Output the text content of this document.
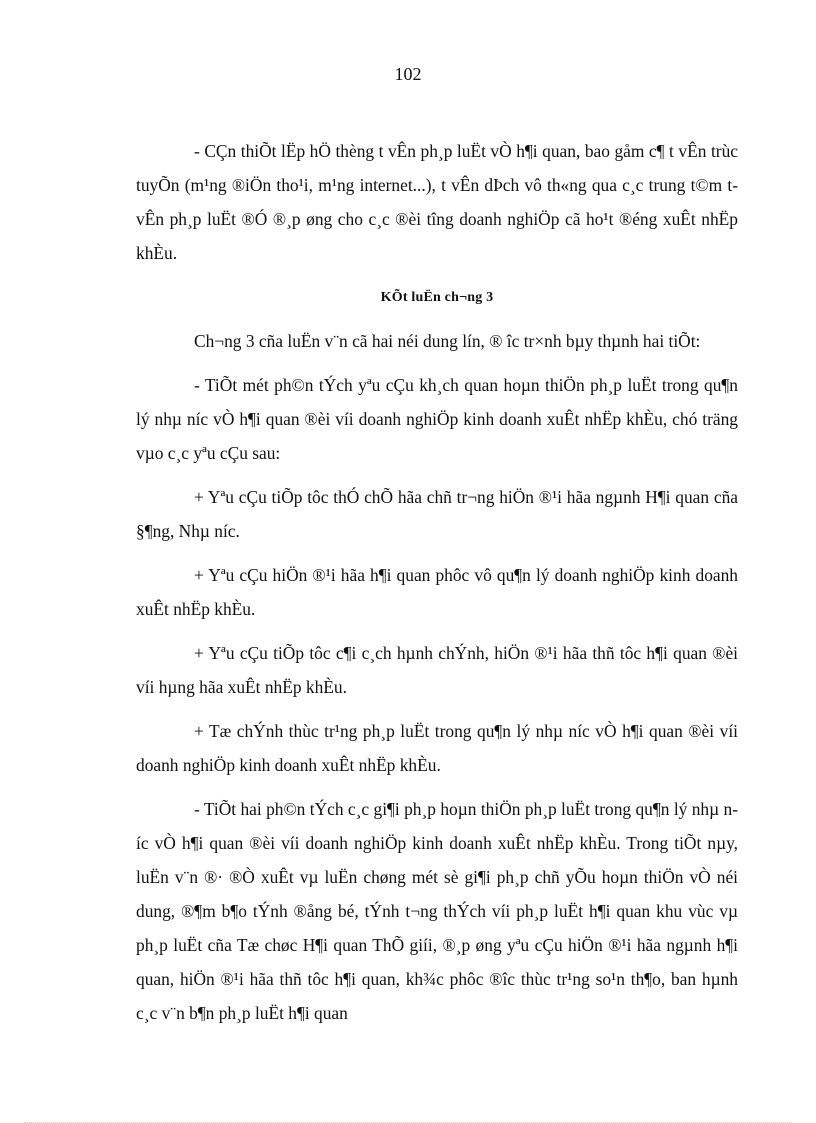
102

- CÇn thiÕt lËp hÖ thèng t vÊn ph¸p luËt vÒ h¶i quan, bao gåm c¶ t vÊn trùc tuyÕn (m¹ng ®iÖn tho¹i, m¹ng internet...), t vÊn dÞch vô th«ng qua c¸c trung t©m t vÊn ph¸p luËt ®Ó ®¸p øng cho c¸c ®èi tîng doanh nghiÖp cã ho¹t ®éng xuÊt nhËp khÈu.

KÕt luËn ch¬ng 3

Ch¬ng 3 cña luËn v¨n cã hai néi dung lín, ® îc tr×nh bµy thµnh hai tiÕt:

- TiÕt mét ph©n tÝch yªu cÇu kh¸ch quan hoµn thiÖn ph¸p luËt trong qu¶n lý nhµ níc vÒ h¶i quan ®èi víi doanh nghiÖp kinh doanh xuÊt nhËp khÈu, chó träng vµo c¸c yªu cÇu sau:

+ Yªu cÇu tiÕp tôc thÓ chÕ hãa chñ tr¬ng hiÖn ®¹i hãa ngµnh H¶i quan cña §¶ng, Nhµ níc.

+ Yªu cÇu hiÖn ®¹i hãa h¶i quan phôc vô qu¶n lý doanh nghiÖp kinh doanh xuÊt nhËp khÈu.

+ Yªu cÇu tiÕp tôc c¶i c¸ch hµnh chÝnh, hiÖn ®¹i hãa thñ tôc h¶i quan ®èi víi hµng hãa xuÊt nhËp khÈu.

+ Tæ chÝnh thùc tr¹ng ph¸p luËt trong qu¶n lý nhµ níc vÒ h¶i quan ®èi víi doanh nghiÖp kinh doanh xuÊt nhËp khÈu.

- TiÕt hai ph©n tÝch c¸c gi¶i ph¸p hoµn thiÖn ph¸p luËt trong qu¶n lý nhµ níc vÒ h¶i quan ®èi víi doanh nghiÖp kinh doanh xuÊt nhËp khÈu. Trong tiÕt nµy, luËn v¨n ®· ®Ò xuÊt vµ luËn chøng mét sè gi¶i ph¸p chñ yÕu hoµn thiÖn vÒ néi dung, ®¶m b¶o tÝnh ®ång bé, tÝnh t¬ng thÝch víi ph¸p luËt h¶i quan khu vùc vµ ph¸p luËt cña Tæ chøc H¶i quan ThÕ giíi, ®¸p øng yªu cÇu hiÖn ®¹i hãa ngµnh h¶i quan, hiÖn ®¹i hãa thñ tôc h¶i quan, kh¾c phôc ®îc thùc tr¹ng so¹n th¶o, ban hµnh c¸c v¨n b¶n ph¸p luËt h¶i quan
